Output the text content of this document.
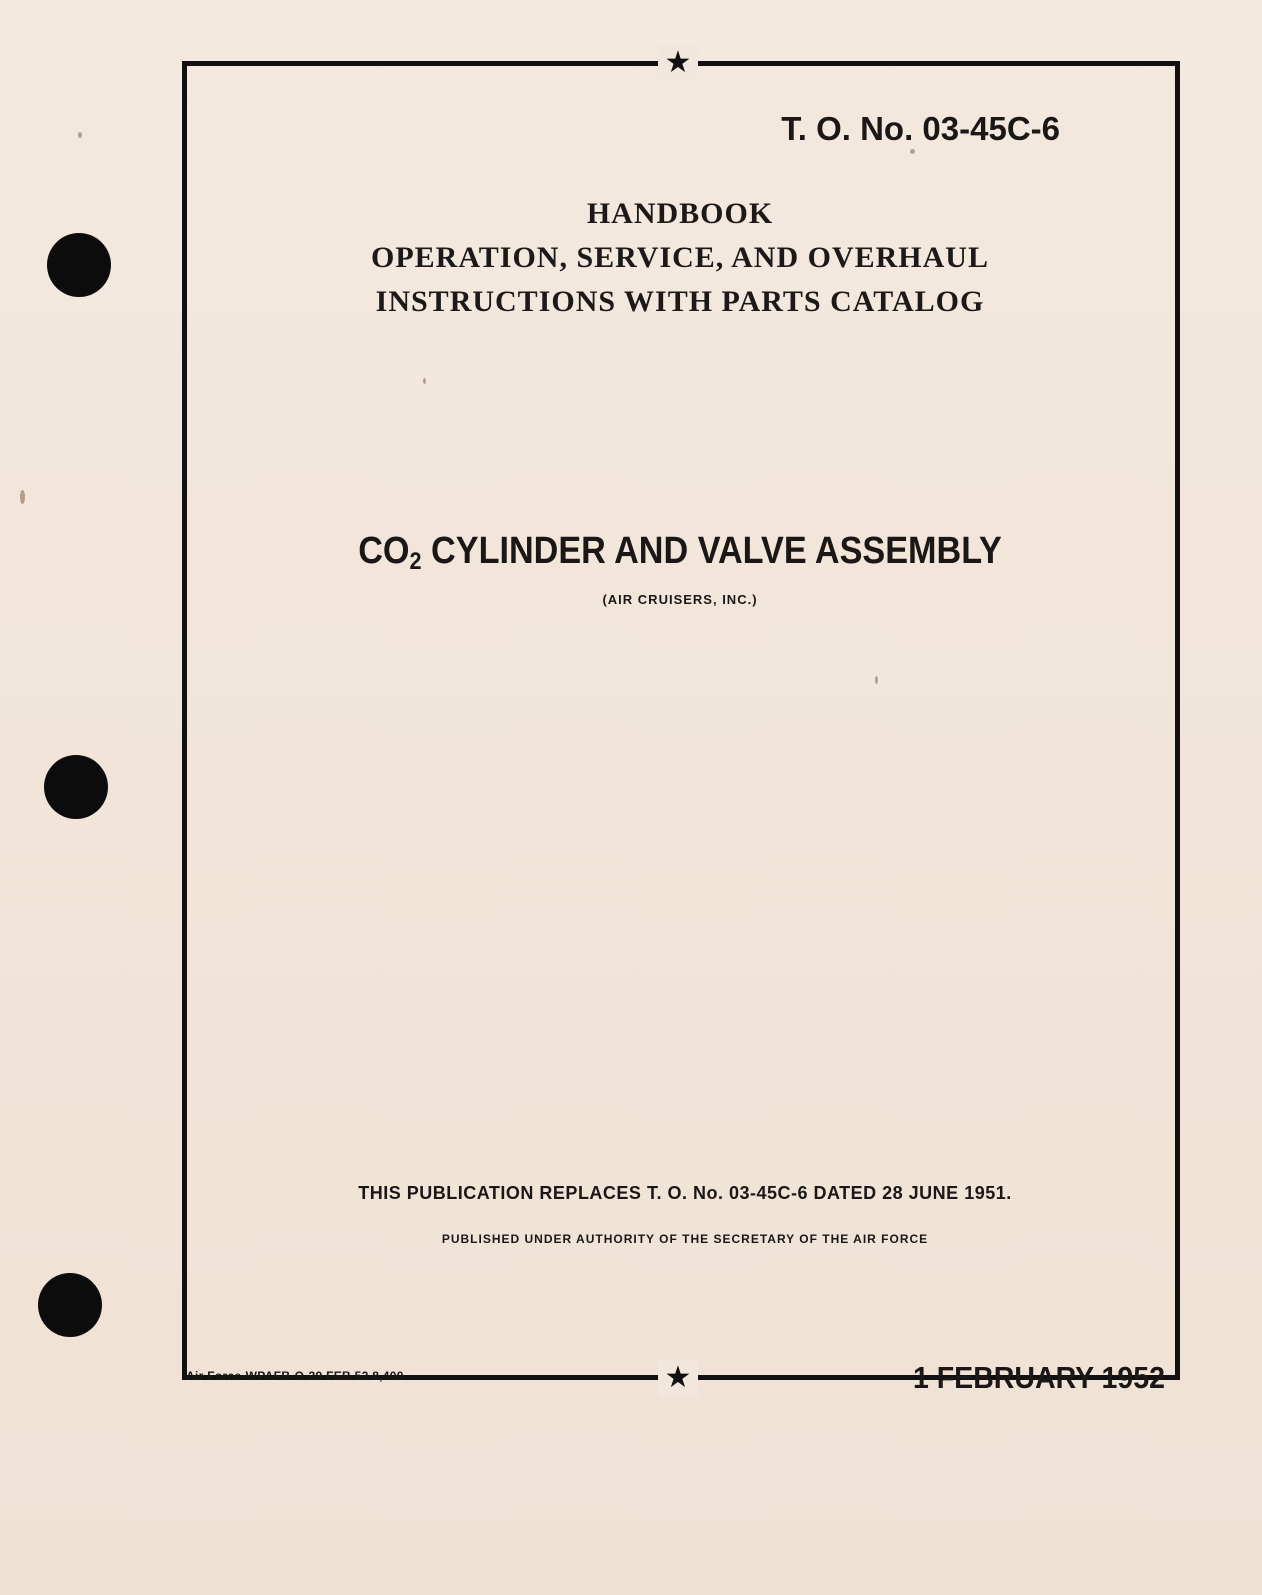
★
★
T. O. No. 03-45C-6
HANDBOOK
OPERATION, SERVICE, AND OVERHAUL
INSTRUCTIONS WITH PARTS CATALOG
$CO_2$ CYLINDER AND VALVE ASSEMBLY
(AIR CRUISERS, INC.)
THIS PUBLICATION REPLACES T. O. No. 03-45C-6 DATED 28 JUNE 1951.
PUBLISHED UNDER AUTHORITY OF THE SECRETARY OF THE AIR FORCE
Air Force-WPAFB-O-29 FEB 52 8,400	1 FEBRUARY 1952
